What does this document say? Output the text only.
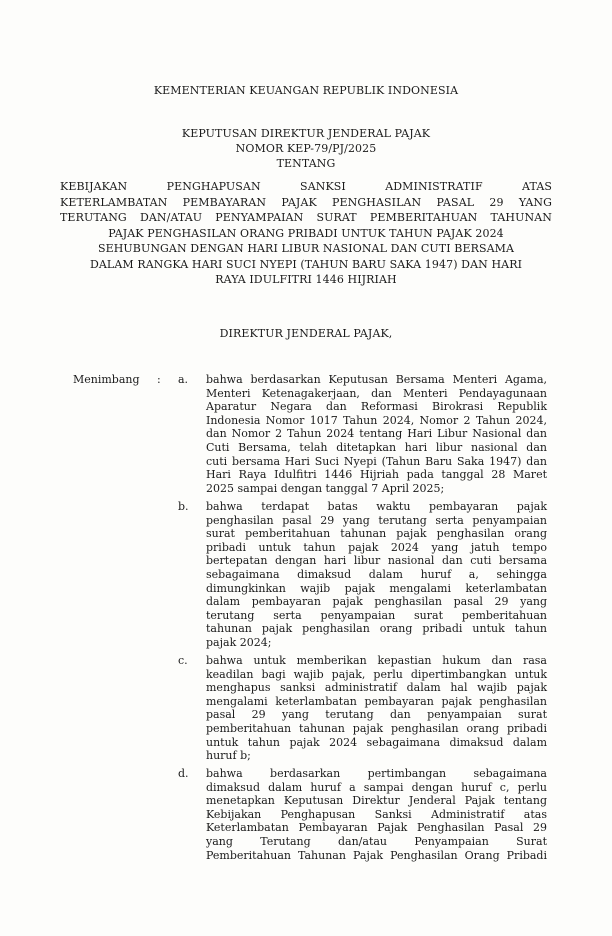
KEMENTERIAN KEUANGAN REPUBLIK INDONESIA
KEPUTUSAN DIREKTUR JENDERAL PAJAK
NOMOR KEP-79/PJ/2025
TENTANG
KEBIJAKAN PENGHAPUSAN SANKSI ADMINISTRATIF ATAS
KETERLAMBATAN PEMBAYARAN PAJAK PENGHASILAN PASAL 29 YANG
TERUTANG DAN/ATAU PENYAMPAIAN SURAT PEMBERITAHUAN TAHUNAN
PAJAK PENGHASILAN ORANG PRIBADI UNTUK TAHUN PAJAK 2024
SEHUBUNGAN DENGAN HARI LIBUR NASIONAL DAN CUTI BERSAMA
DALAM RANGKA HARI SUCI NYEPI (TAHUN BARU SAKA 1947) DAN HARI
RAYA IDULFITRI 1446 HIJRIAH
DIREKTUR JENDERAL PAJAK,
Menimbang : a. bahwa berdasarkan Keputusan Bersama Menteri Agama,
Menteri Ketenagakerjaan, dan Menteri Pendayagunaan
Aparatur Negara dan Reformasi Birokrasi Republik
Indonesia Nomor 1017 Tahun 2024, Nomor 2 Tahun 2024,
dan Nomor 2 Tahun 2024 tentang Hari Libur Nasional dan
Cuti Bersama, telah ditetapkan hari libur nasional dan
cuti bersama Hari Suci Nyepi (Tahun Baru Saka 1947) dan
Hari Raya Idulfitri 1446 Hijriah pada tanggal 28 Maret
2025 sampai dengan tanggal 7 April 2025;
b. bahwa terdapat batas waktu pembayaran pajak
penghasilan pasal 29 yang terutang serta penyampaian
surat pemberitahuan tahunan pajak penghasilan orang
pribadi untuk tahun pajak 2024 yang jatuh tempo
bertepatan dengan hari libur nasional dan cuti bersama
sebagaimana dimaksud dalam huruf a, sehingga
dimungkinkan wajib pajak mengalami keterlambatan
dalam pembayaran pajak penghasilan pasal 29 yang
terutang serta penyampaian surat pemberitahuan
tahunan pajak penghasilan orang pribadi untuk tahun
pajak 2024;
c. bahwa untuk memberikan kepastian hukum dan rasa
keadilan bagi wajib pajak, perlu dipertimbangkan untuk
menghapus sanksi administratif dalam hal wajib pajak
mengalami keterlambatan pembayaran pajak penghasilan
pasal 29 yang terutang dan penyampaian surat
pemberitahuan tahunan pajak penghasilan orang pribadi
untuk tahun pajak 2024 sebagaimana dimaksud dalam
huruf b;
d. bahwa berdasarkan pertimbangan sebagaimana
dimaksud dalam huruf a sampai dengan huruf c, perlu
menetapkan Keputusan Direktur Jenderal Pajak tentang
Kebijakan Penghapusan Sanksi Administratif atas
Keterlambatan Pembayaran Pajak Penghasilan Pasal 29
yang Terutang dan/atau Penyampaian Surat
Pemberitahuan Tahunan Pajak Penghasilan Orang Pribadi
